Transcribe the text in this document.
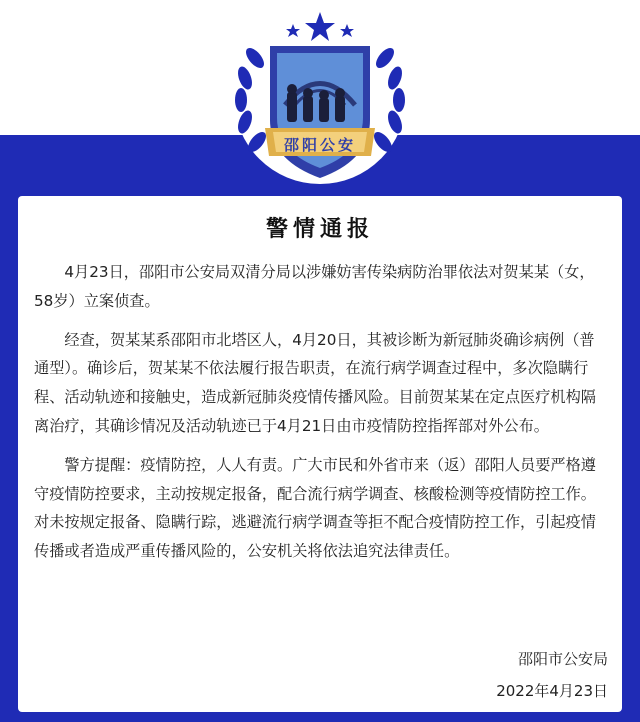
邵阳公安
警情通报

4月23日，邵阳市公安局双清分局以涉嫌妨害传染病防治罪依法对贺某某（女，58岁）立案侦查。

经查，贺某某系邵阳市北塔区人，4月20日，其被诊断为新冠肺炎确诊病例（普通型）。确诊后，贺某某不依法履行报告职责，在流行病学调查过程中，多次隐瞒行程、活动轨迹和接触史，造成新冠肺炎疫情传播风险。目前贺某某在定点医疗机构隔离治疗，其确诊情况及活动轨迹已于4月21日由市疫情防控指挥部对外公布。

警方提醒：疫情防控，人人有责。广大市民和外省市来（返）邵阳人员要严格遵守疫情防控要求，主动按规定报备，配合流行病学调查、核酸检测等疫情防控工作。对未按规定报备、隐瞒行踪，逃避流行病学调查等拒不配合疫情防控工作，引起疫情传播或者造成严重传播风险的，公安机关将依法追究法律责任。

邵阳市公安局
2022年4月23日
